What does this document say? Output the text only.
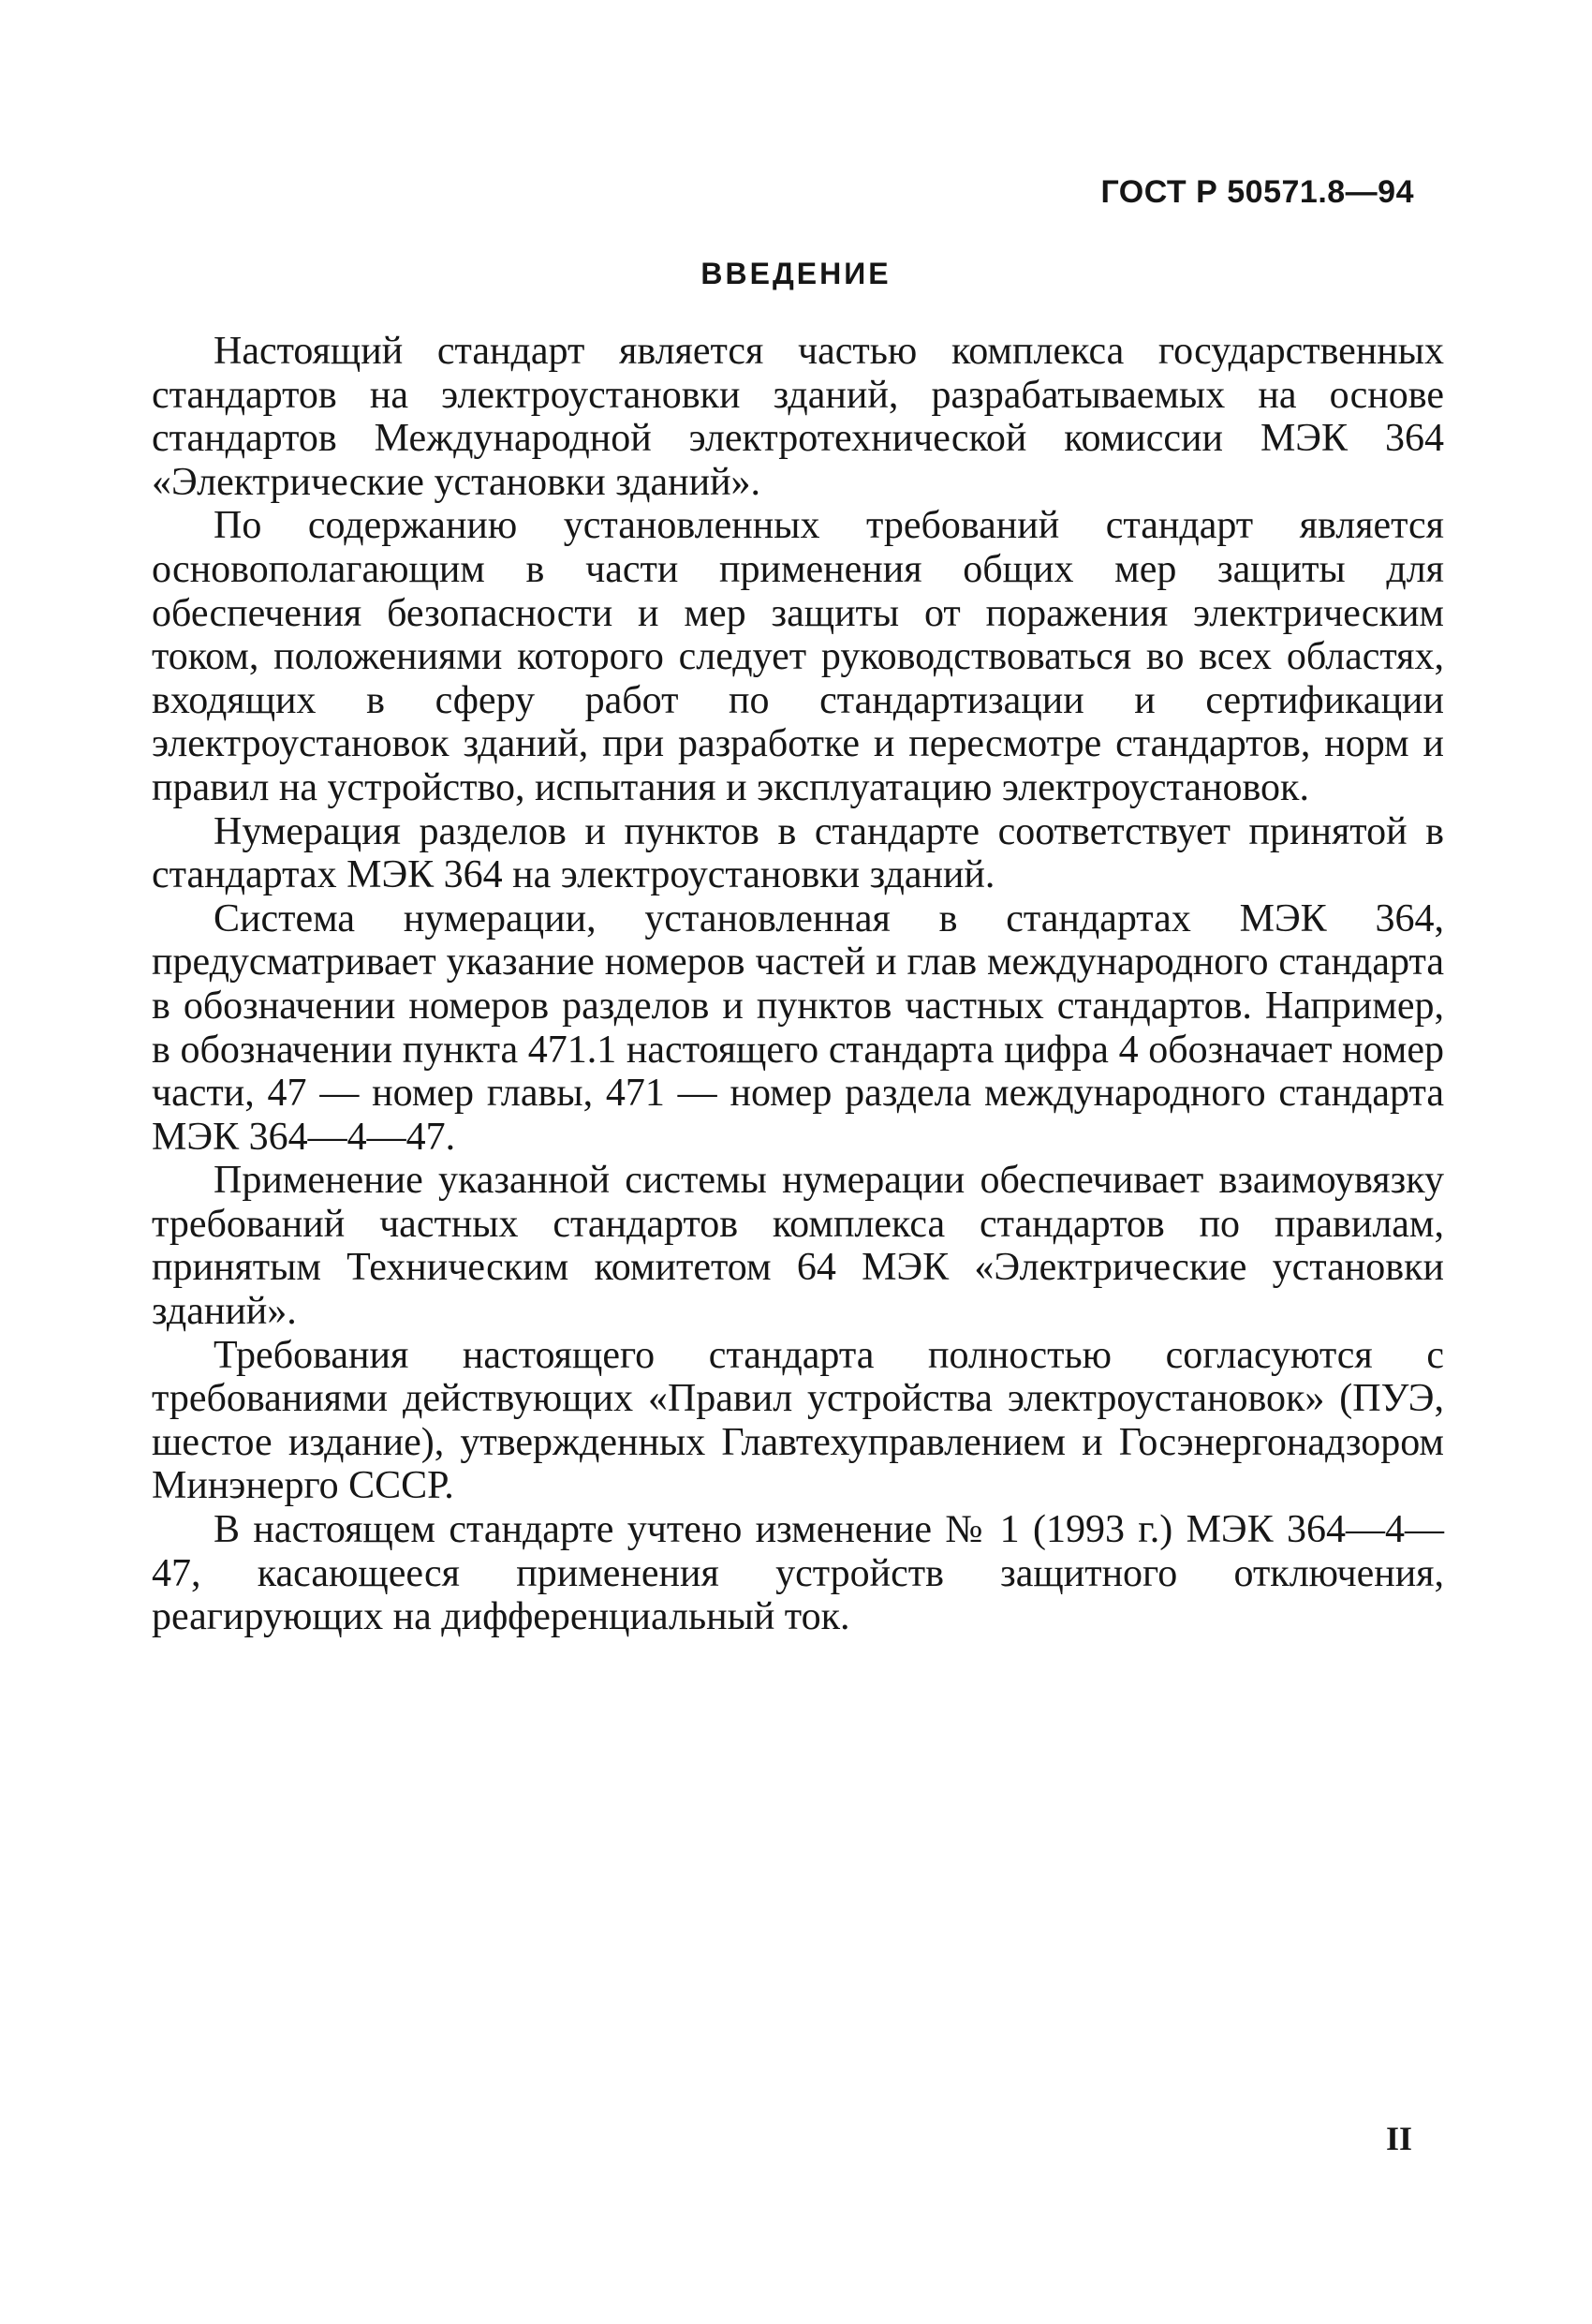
ГОСТ Р 50571.8—94
ВВЕДЕНИЕ

Настоящий стандарт является частью комплекса государственных стандартов на электроустановки зданий, разрабатываемых на основе стандартов Международной электротехнической комиссии МЭК 364 «Электрические установки зданий».

По содержанию установленных требований стандарт является основополагающим в части применения общих мер защиты для обеспечения безопасности и мер защиты от поражения электрическим током, положениями которого следует руководствоваться во всех областях, входящих в сферу работ по стандартизации и сертификации электроустановок зданий, при разработке и пересмотре стандартов, норм и правил на устройство, испытания и эксплуатацию электроустановок.

Нумерация разделов и пунктов в стандарте соответствует принятой в стандартах МЭК 364 на электроустановки зданий.

Система нумерации, установленная в стандартах МЭК 364, предусматривает указание номеров частей и глав международного стандарта в обозначении номеров разделов и пунктов частных стандартов. Например, в обозначении пункта 471.1 настоящего стандарта цифра 4 обозначает номер части, 47 — номер главы, 471 — номер раздела международного стандарта МЭК 364—4—47.

Применение указанной системы нумерации обеспечивает взаимоувязку требований частных стандартов комплекса стандартов по правилам, принятым Техническим комитетом 64 МЭК «Электрические установки зданий».

Требования настоящего стандарта полностью согласуются с требованиями действующих «Правил устройства электроустановок» (ПУЭ, шестое издание), утвержденных Главтехуправлением и Госэнергонадзором Минэнерго СССР.

В настоящем стандарте учтено изменение № 1 (1993 г.) МЭК 364—4—47, касающееся применения устройств защитного отключения, реагирующих на дифференциальный ток.

II
